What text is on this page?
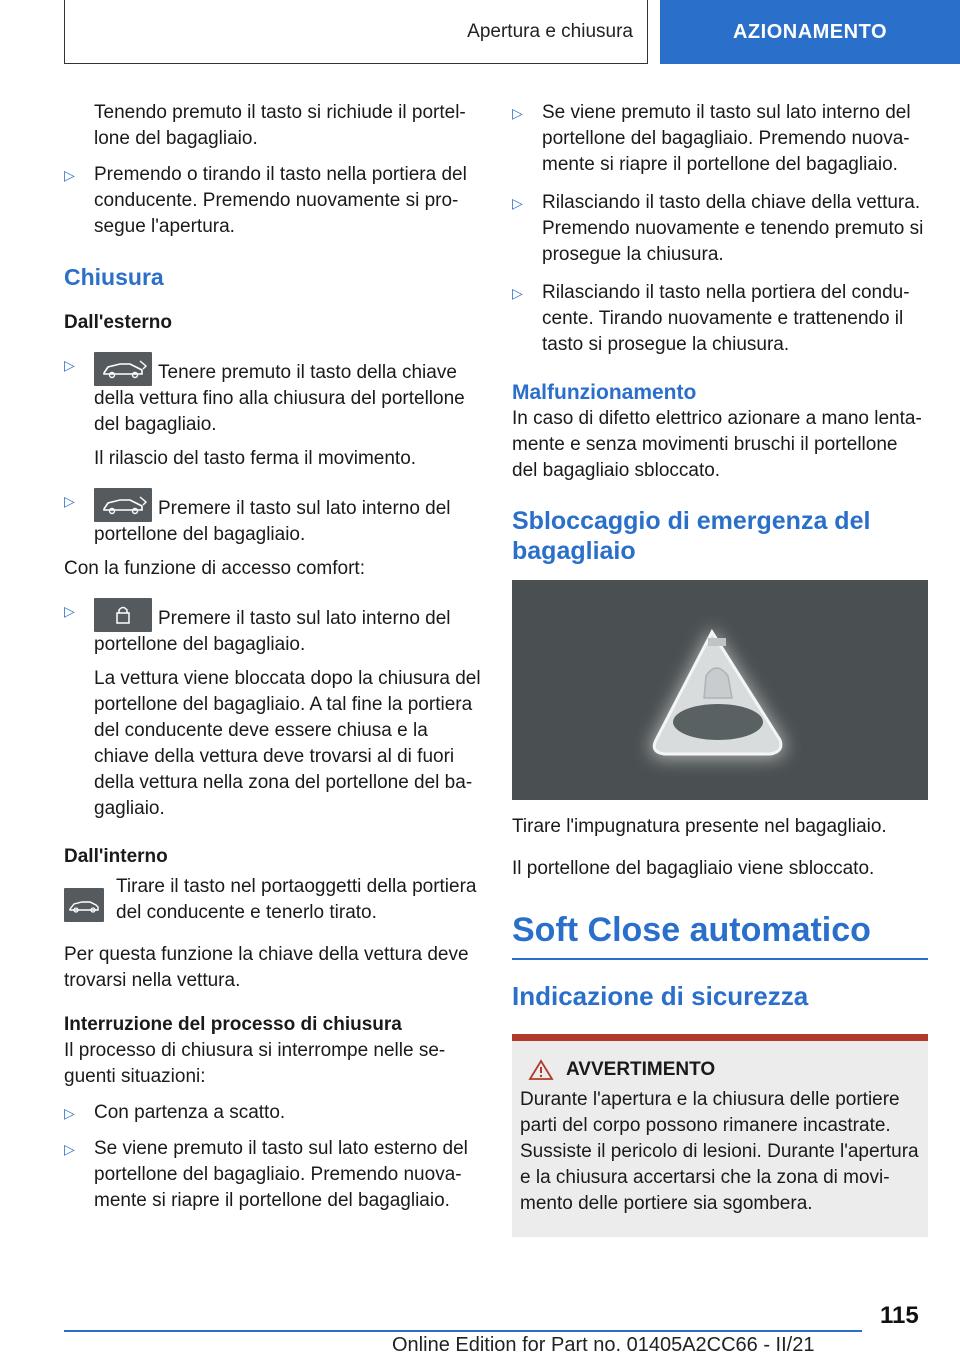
Apertura e chiusura	AZIONAMENTO

Tenendo premuto il tasto si richiude il portel- lone del bagagliaio.

▷ Premendo o tirando il tasto nella portiera del conducente. Premendo nuovamente si pro- segue l'apertura.

Chiusura

Dall'esterno

▷	Tenere premuto il tasto della chiave della vettura fino alla chiusura del portellone del bagagliaio.

Il rilascio del tasto ferma il movimento.

▷	Premere il tasto sul lato interno del portellone del bagagliaio.

Con la funzione di accesso comfort:

▷	Premere il tasto sul lato interno del portellone del bagagliaio.

La vettura viene bloccata dopo la chiusura del portellone del bagagliaio. A tal fine la portiera del conducente deve essere chiusa e la chiave della vettura deve trovarsi al di fuori della vettura nella zona del portellone del ba- gagliaio.

Dall'interno

Tirare il tasto nel portaoggetti della portiera del conducente e tenerlo tirato.

Per questa funzione la chiave della vettura deve trovarsi nella vettura.

Interruzione del processo di chiusura

Il processo di chiusura si interrompe nelle se- guenti situazioni:

▷ Con partenza a scatto.
▷ Se viene premuto il tasto sul lato esterno del portellone del bagagliaio. Premendo nuova- mente si riapre il portellone del bagagliaio.
▷ Se viene premuto il tasto sul lato interno del portellone del bagagliaio. Premendo nuova- mente si riapre il portellone del bagagliaio.
▷ Rilasciando il tasto della chiave della vettura. Premendo nuovamente e tenendo premuto si prosegue la chiusura.
▷ Rilasciando il tasto nella portiera del condu- cente. Tirando nuovamente e trattenendo il tasto si prosegue la chiusura.

Malfunzionamento

In caso di difetto elettrico azionare a mano lenta- mente e senza movimenti bruschi il portellone del bagagliaio sbloccato.

Sbloccaggio di emergenza del bagagliaio

Tirare l'impugnatura presente nel bagagliaio.

Il portellone del bagagliaio viene sbloccato.

Soft Close automatico

Indicazione di sicurezza

AVVERTIMENTO

Durante l'apertura e la chiusura delle portiere parti del corpo possono rimanere incastrate. Sussiste il pericolo di lesioni. Durante l'apertura e la chiusura accertarsi che la zona di movi- mento delle portiere sia sgombera.

115
Online Edition for Part no. 01405A2CC66 - II/21
